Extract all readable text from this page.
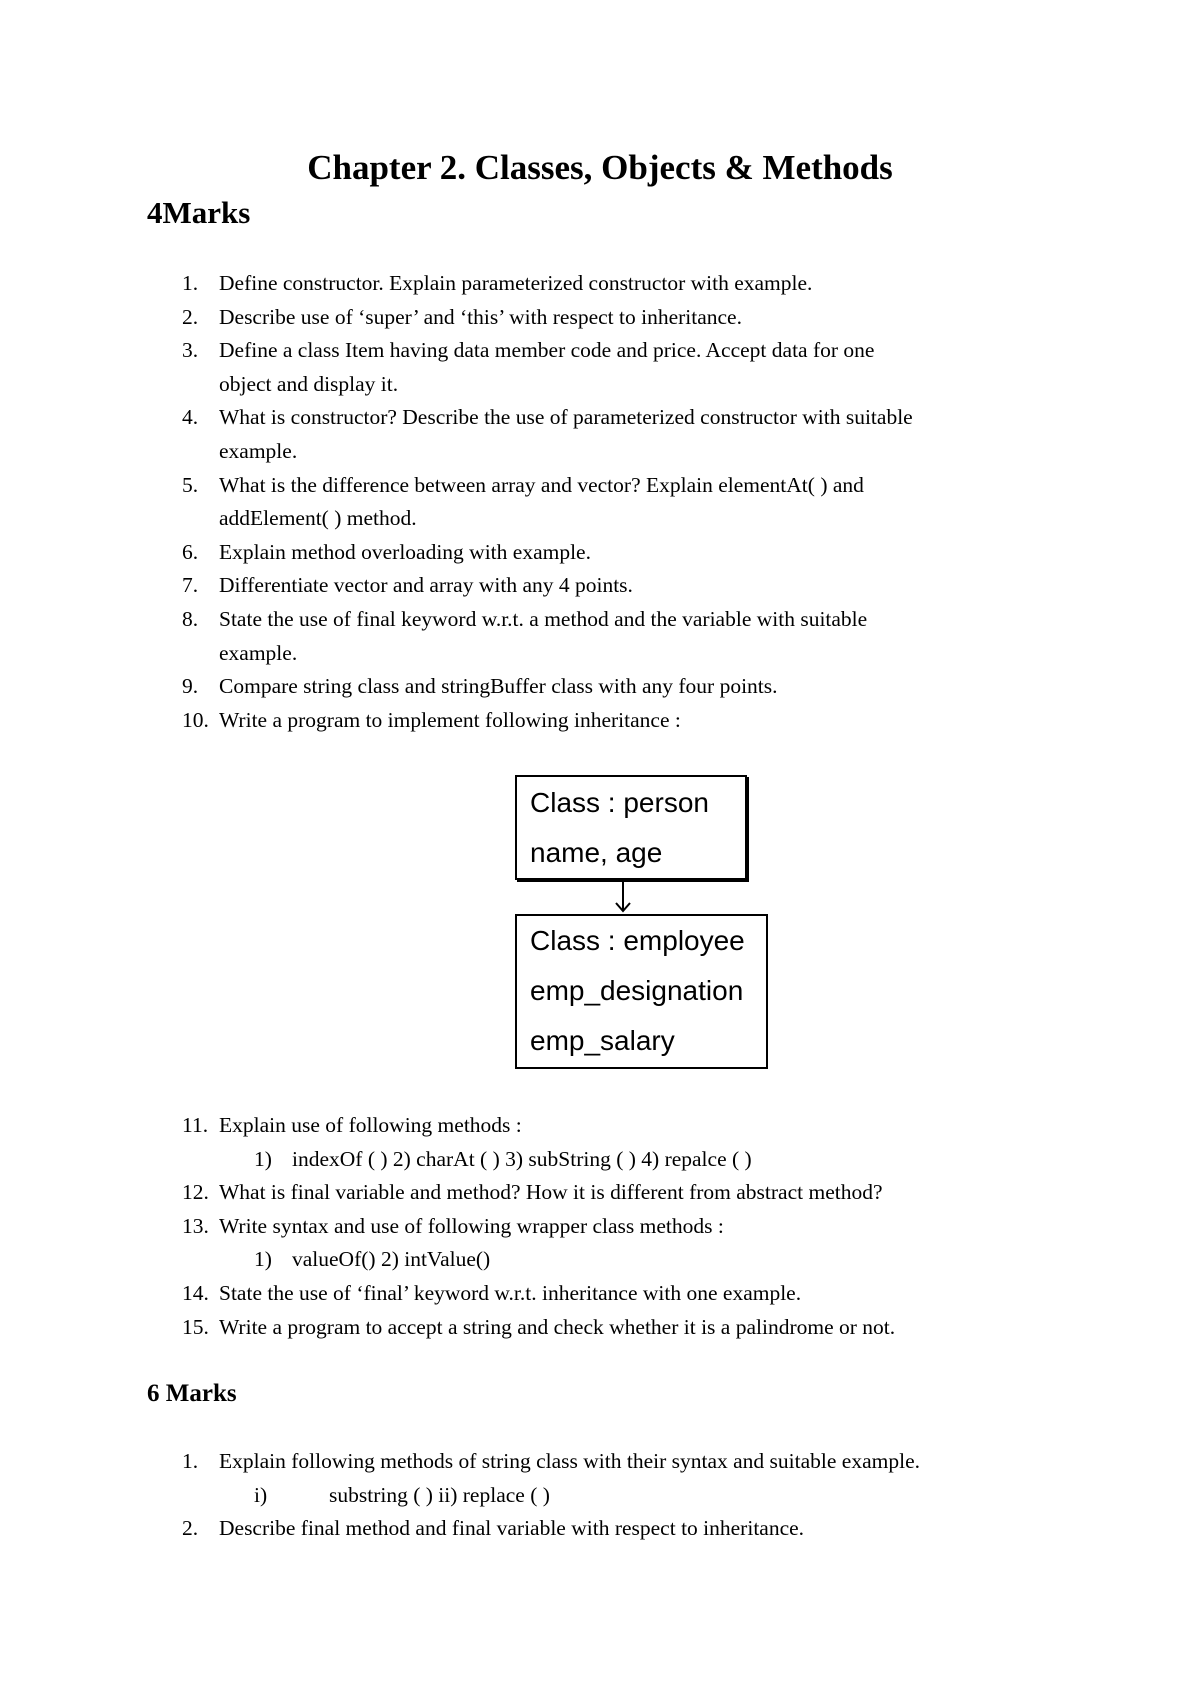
Chapter 2. Classes, Objects & Methods
4Marks
1. Define constructor. Explain parameterized constructor with example.
2. Describe use of ‘super’ and ‘this’ with respect to inheritance.
3. Define a class Item having data member code and price. Accept data for one
object and display it.
4. What is constructor? Describe the use of parameterized constructor with suitable
example.
5. What is the difference between array and vector? Explain elementAt( ) and
addElement( ) method.
6. Explain method overloading with example.
7. Differentiate vector and array with any 4 points.
8. State the use of final keyword w.r.t. a method and the variable with suitable
example.
9. Compare string class and stringBuffer class with any four points.
10. Write a program to implement following inheritance :
Class : person
name, age
Class : employee
emp_designation
emp_salary
11. Explain use of following methods :
1) indexOf ( ) 2) charAt ( ) 3) subString ( ) 4) repalce ( )
12. What is final variable and method? How it is different from abstract method?
13. Write syntax and use of following wrapper class methods :
1) valueOf() 2) intValue()
14. State the use of ‘final’ keyword w.r.t. inheritance with one example.
15. Write a program to accept a string and check whether it is a palindrome or not.
6 Marks
1. Explain following methods of string class with their syntax and suitable example.
i)	substring ( ) ii) replace ( )
2. Describe final method and final variable with respect to inheritance.
